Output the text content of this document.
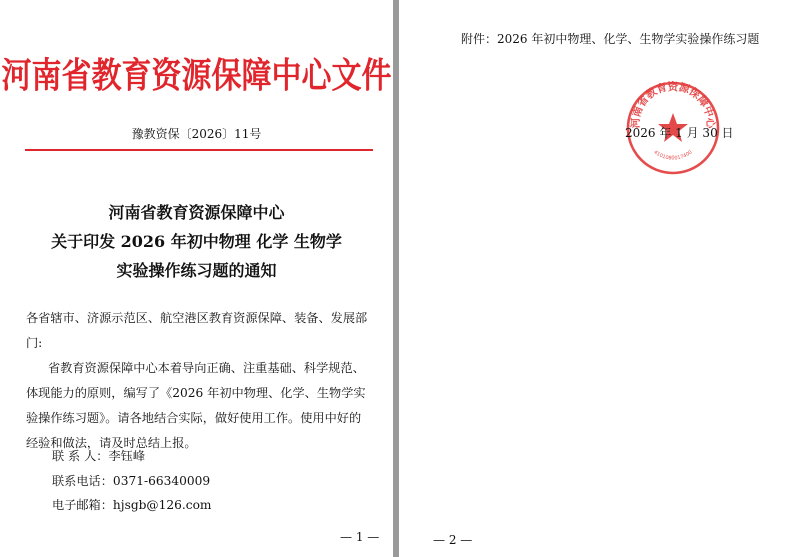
河南省教育资源保障中心文件
豫教资保〔2026〕11号
河南省教育资源保障中心
关于印发 2026 年初中物理 化学 生物学
实验操作练习题的通知
各省辖市、济源示范区、航空港区教育资源保障、装备、发展部
门:
省教育资源保障中心本着导向正确、注重基础、科学规范、
体现能力的原则，编写了《2026 年初中物理、化学、生物学实
验操作练习题》。请各地结合实际，做好使用工作。使用中好的
经验和做法，请及时总结上报。
联 系 人：李钰峰
联系电话：0371-66340009
电子邮箱：hjsgb@126.com
— 1 —
附件：2026 年初中物理、化学、生物学实验操作练习题
河南省教育资源保障中心
4101080017400
2026 年 1 月 30 日
— 2 —
